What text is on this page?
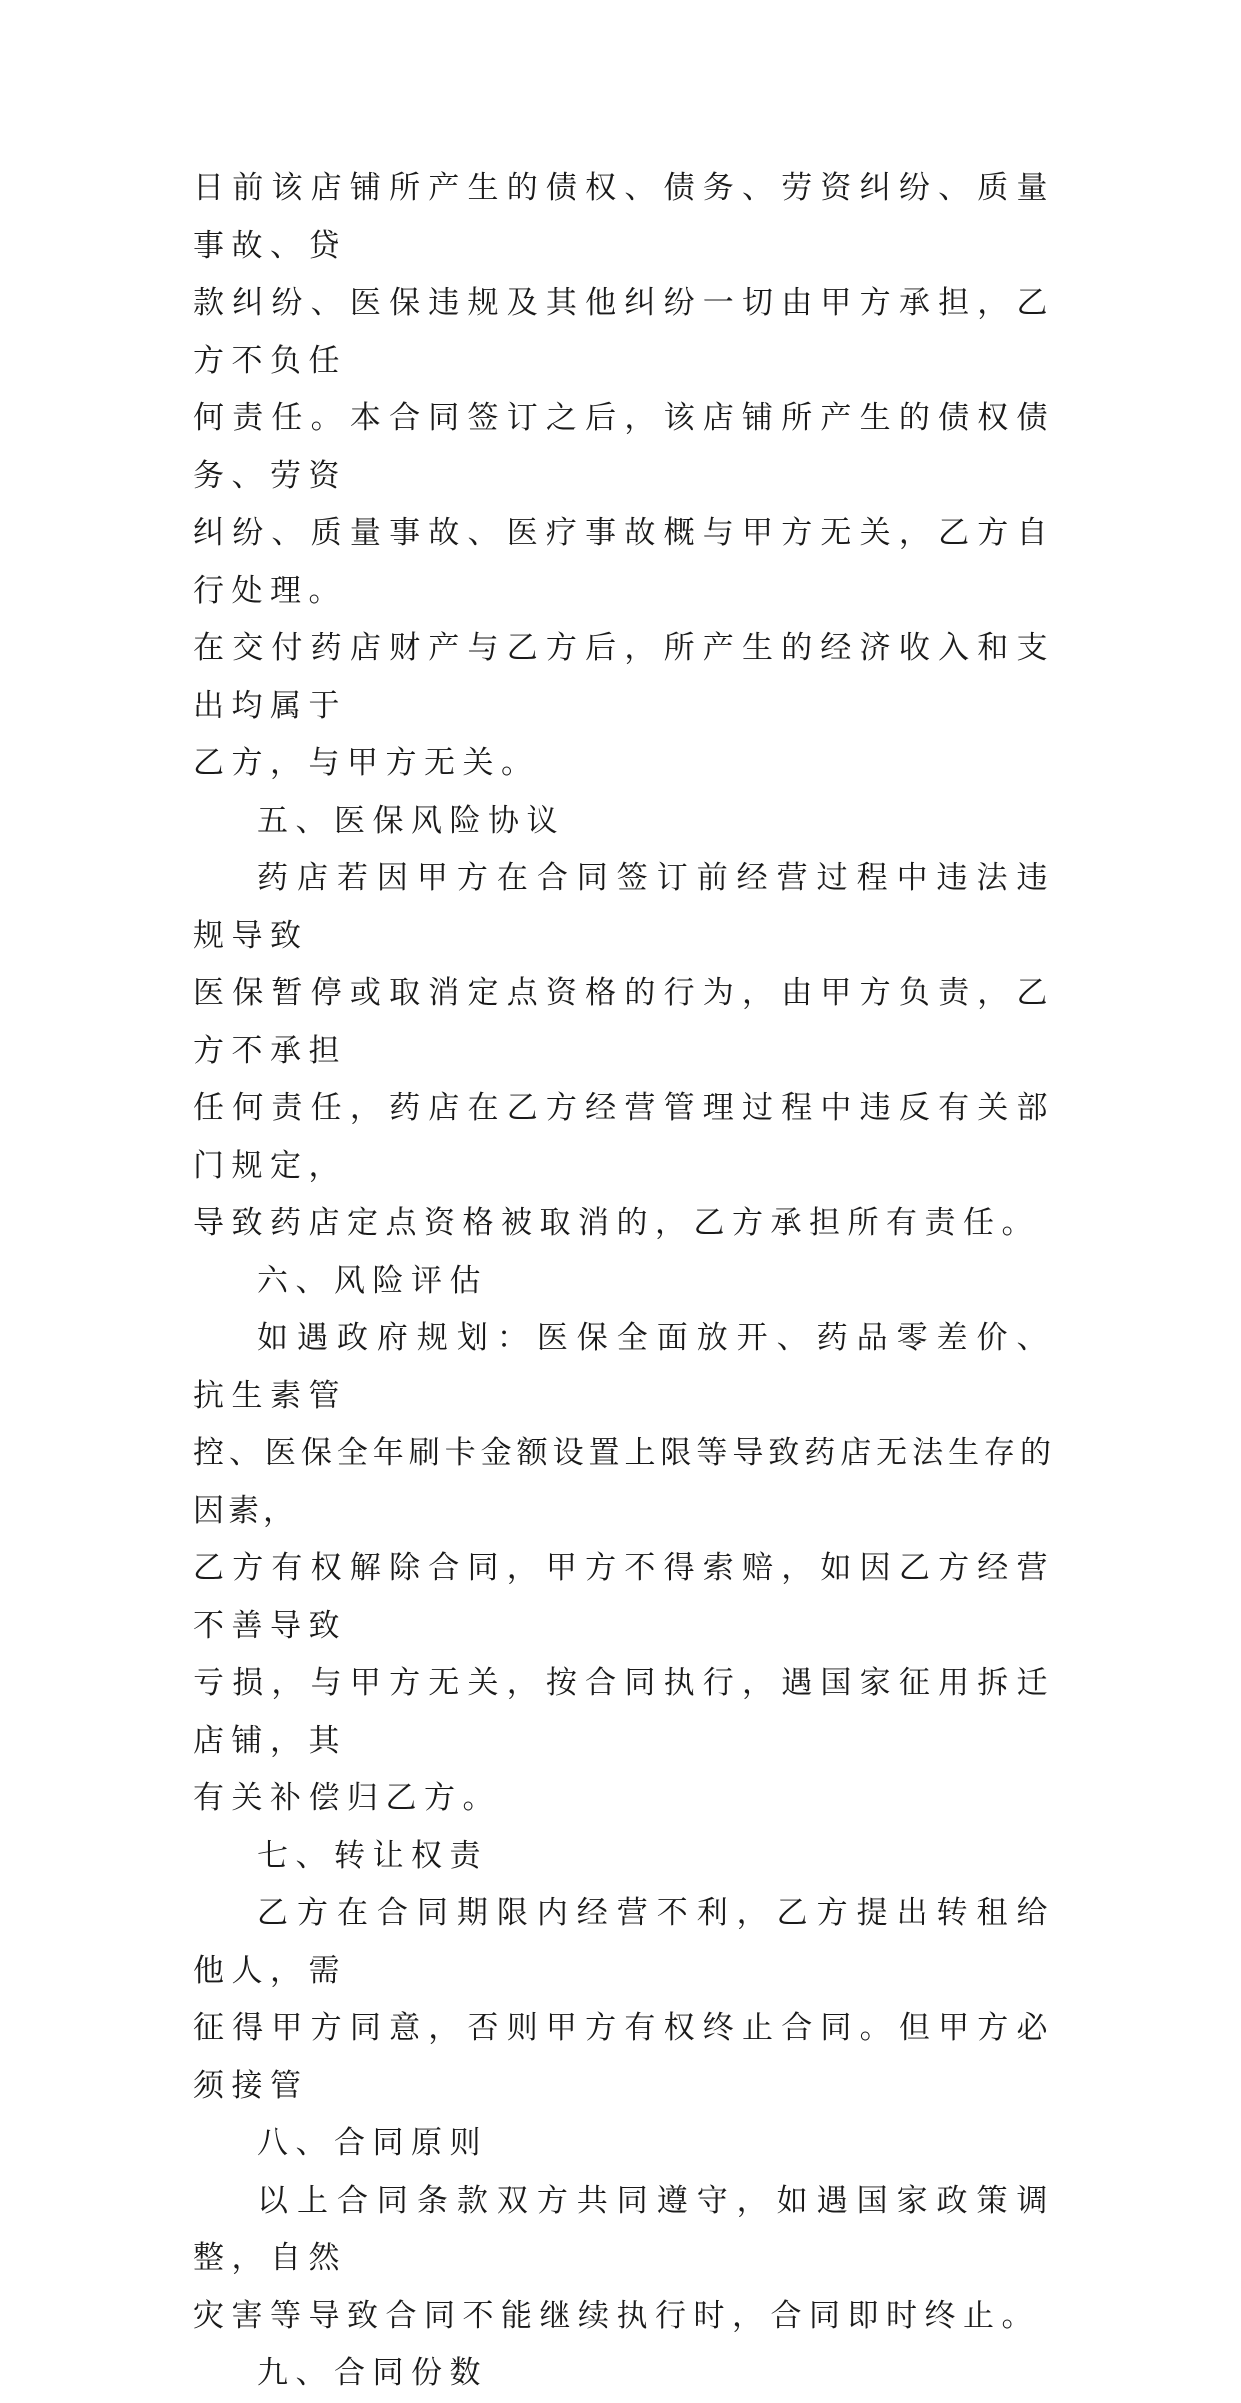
日前该店铺所产生的债权、债务、劳资纠纷、质量事故、贷
款纠纷、医保违规及其他纠纷一切由甲方承担，乙方不负任
何责任。本合同签订之后，该店铺所产生的债权债务、劳资
纠纷、质量事故、医疗事故概与甲方无关，乙方自行处理。
在交付药店财产与乙方后，所产生的经济收入和支出均属于
乙方，与甲方无关。

五、医保风险协议

药店若因甲方在合同签订前经营过程中违法违规导致
医保暂停或取消定点资格的行为，由甲方负责，乙方不承担
任何责任，药店在乙方经营管理过程中违反有关部门规定，
导致药店定点资格被取消的，乙方承担所有责任。

六、风险评估

如遇政府规划：医保全面放开、药品零差价、抗生素管
控、医保全年刷卡金额设置上限等导致药店无法生存的因素，
乙方有权解除合同，甲方不得索赔，如因乙方经营不善导致
亏损，与甲方无关，按合同执行，遇国家征用拆迁店铺，其
有关补偿归乙方。

七、转让权责

乙方在合同期限内经营不利，乙方提出转租给他人，需
征得甲方同意，否则甲方有权终止合同。但甲方必须接管

八、合同原则

以上合同条款双方共同遵守，如遇国家政策调整，自然
灾害等导致合同不能继续执行时，合同即时终止。

九、合同份数
